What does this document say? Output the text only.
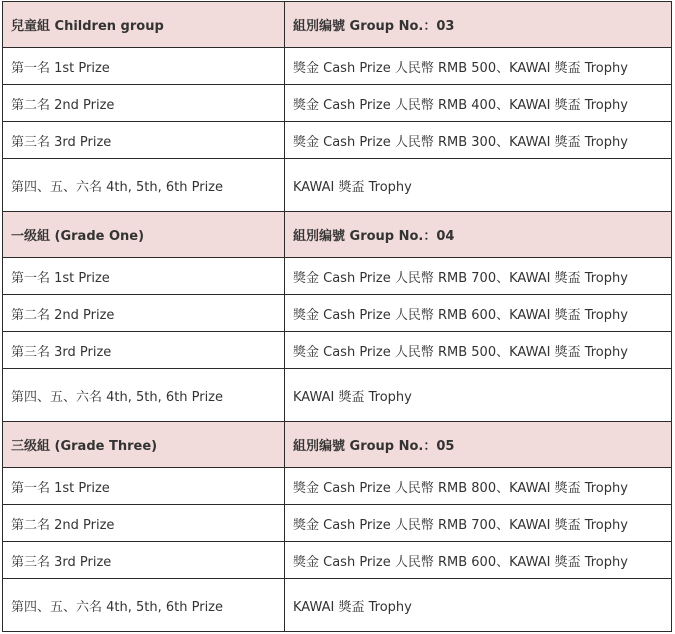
兒童組 Children group	組別编號 Group No.：03
第一名 1st Prize	獎金 Cash Prize 人民幣 RMB 500、KAWAI 獎盃 Trophy
第二名 2nd Prize	獎金 Cash Prize 人民幣 RMB 400、KAWAI 獎盃 Trophy
第三名 3rd Prize	獎金 Cash Prize 人民幣 RMB 300、KAWAI 獎盃 Trophy
第四、五、六名 4th, 5th, 6th Prize	KAWAI 獎盃 Trophy
一级組 (Grade One)	組別编號 Group No.：04
第一名 1st Prize	獎金 Cash Prize 人民幣 RMB 700、KAWAI 獎盃 Trophy
第二名 2nd Prize	獎金 Cash Prize 人民幣 RMB 600、KAWAI 獎盃 Trophy
第三名 3rd Prize	獎金 Cash Prize 人民幣 RMB 500、KAWAI 獎盃 Trophy
第四、五、六名 4th, 5th, 6th Prize	KAWAI 獎盃 Trophy
三级組 (Grade Three)	組別编號 Group No.：05
第一名 1st Prize	獎金 Cash Prize 人民幣 RMB 800、KAWAI 獎盃 Trophy
第二名 2nd Prize	獎金 Cash Prize 人民幣 RMB 700、KAWAI 獎盃 Trophy
第三名 3rd Prize	獎金 Cash Prize 人民幣 RMB 600、KAWAI 獎盃 Trophy
第四、五、六名 4th, 5th, 6th Prize	KAWAI 獎盃 Trophy
